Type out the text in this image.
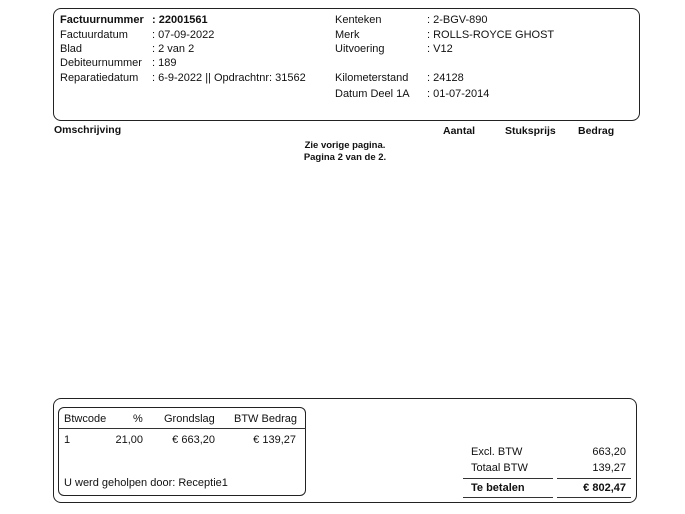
Factuurnummer : 22001561
Factuurdatum : 07-09-2022
Blad	: 2 van 2
Debiteurnummer : 189
Reparatiedatum : 6-9-2022 || Opdrachtnr: 31562
Kenteken	: 2-BGV-890
Merk	: ROLLS-ROYCE GHOST
Uitvoering	: V12
Kilometerstand : 24128
Datum Deel 1A : 01-07-2014
Omschrijving	Aantal	Stuksprijs Bedrag
Zie vorige pagina.
Pagina 2 van de 2.
Btwcode % Grondslag BTW Bedrag
1	21,00	€ 663,20	€ 139,27
U werd geholpen door: Receptie1
Excl. BTW	663,20
Totaal BTW	139,27
Te betalen	€ 802,47
